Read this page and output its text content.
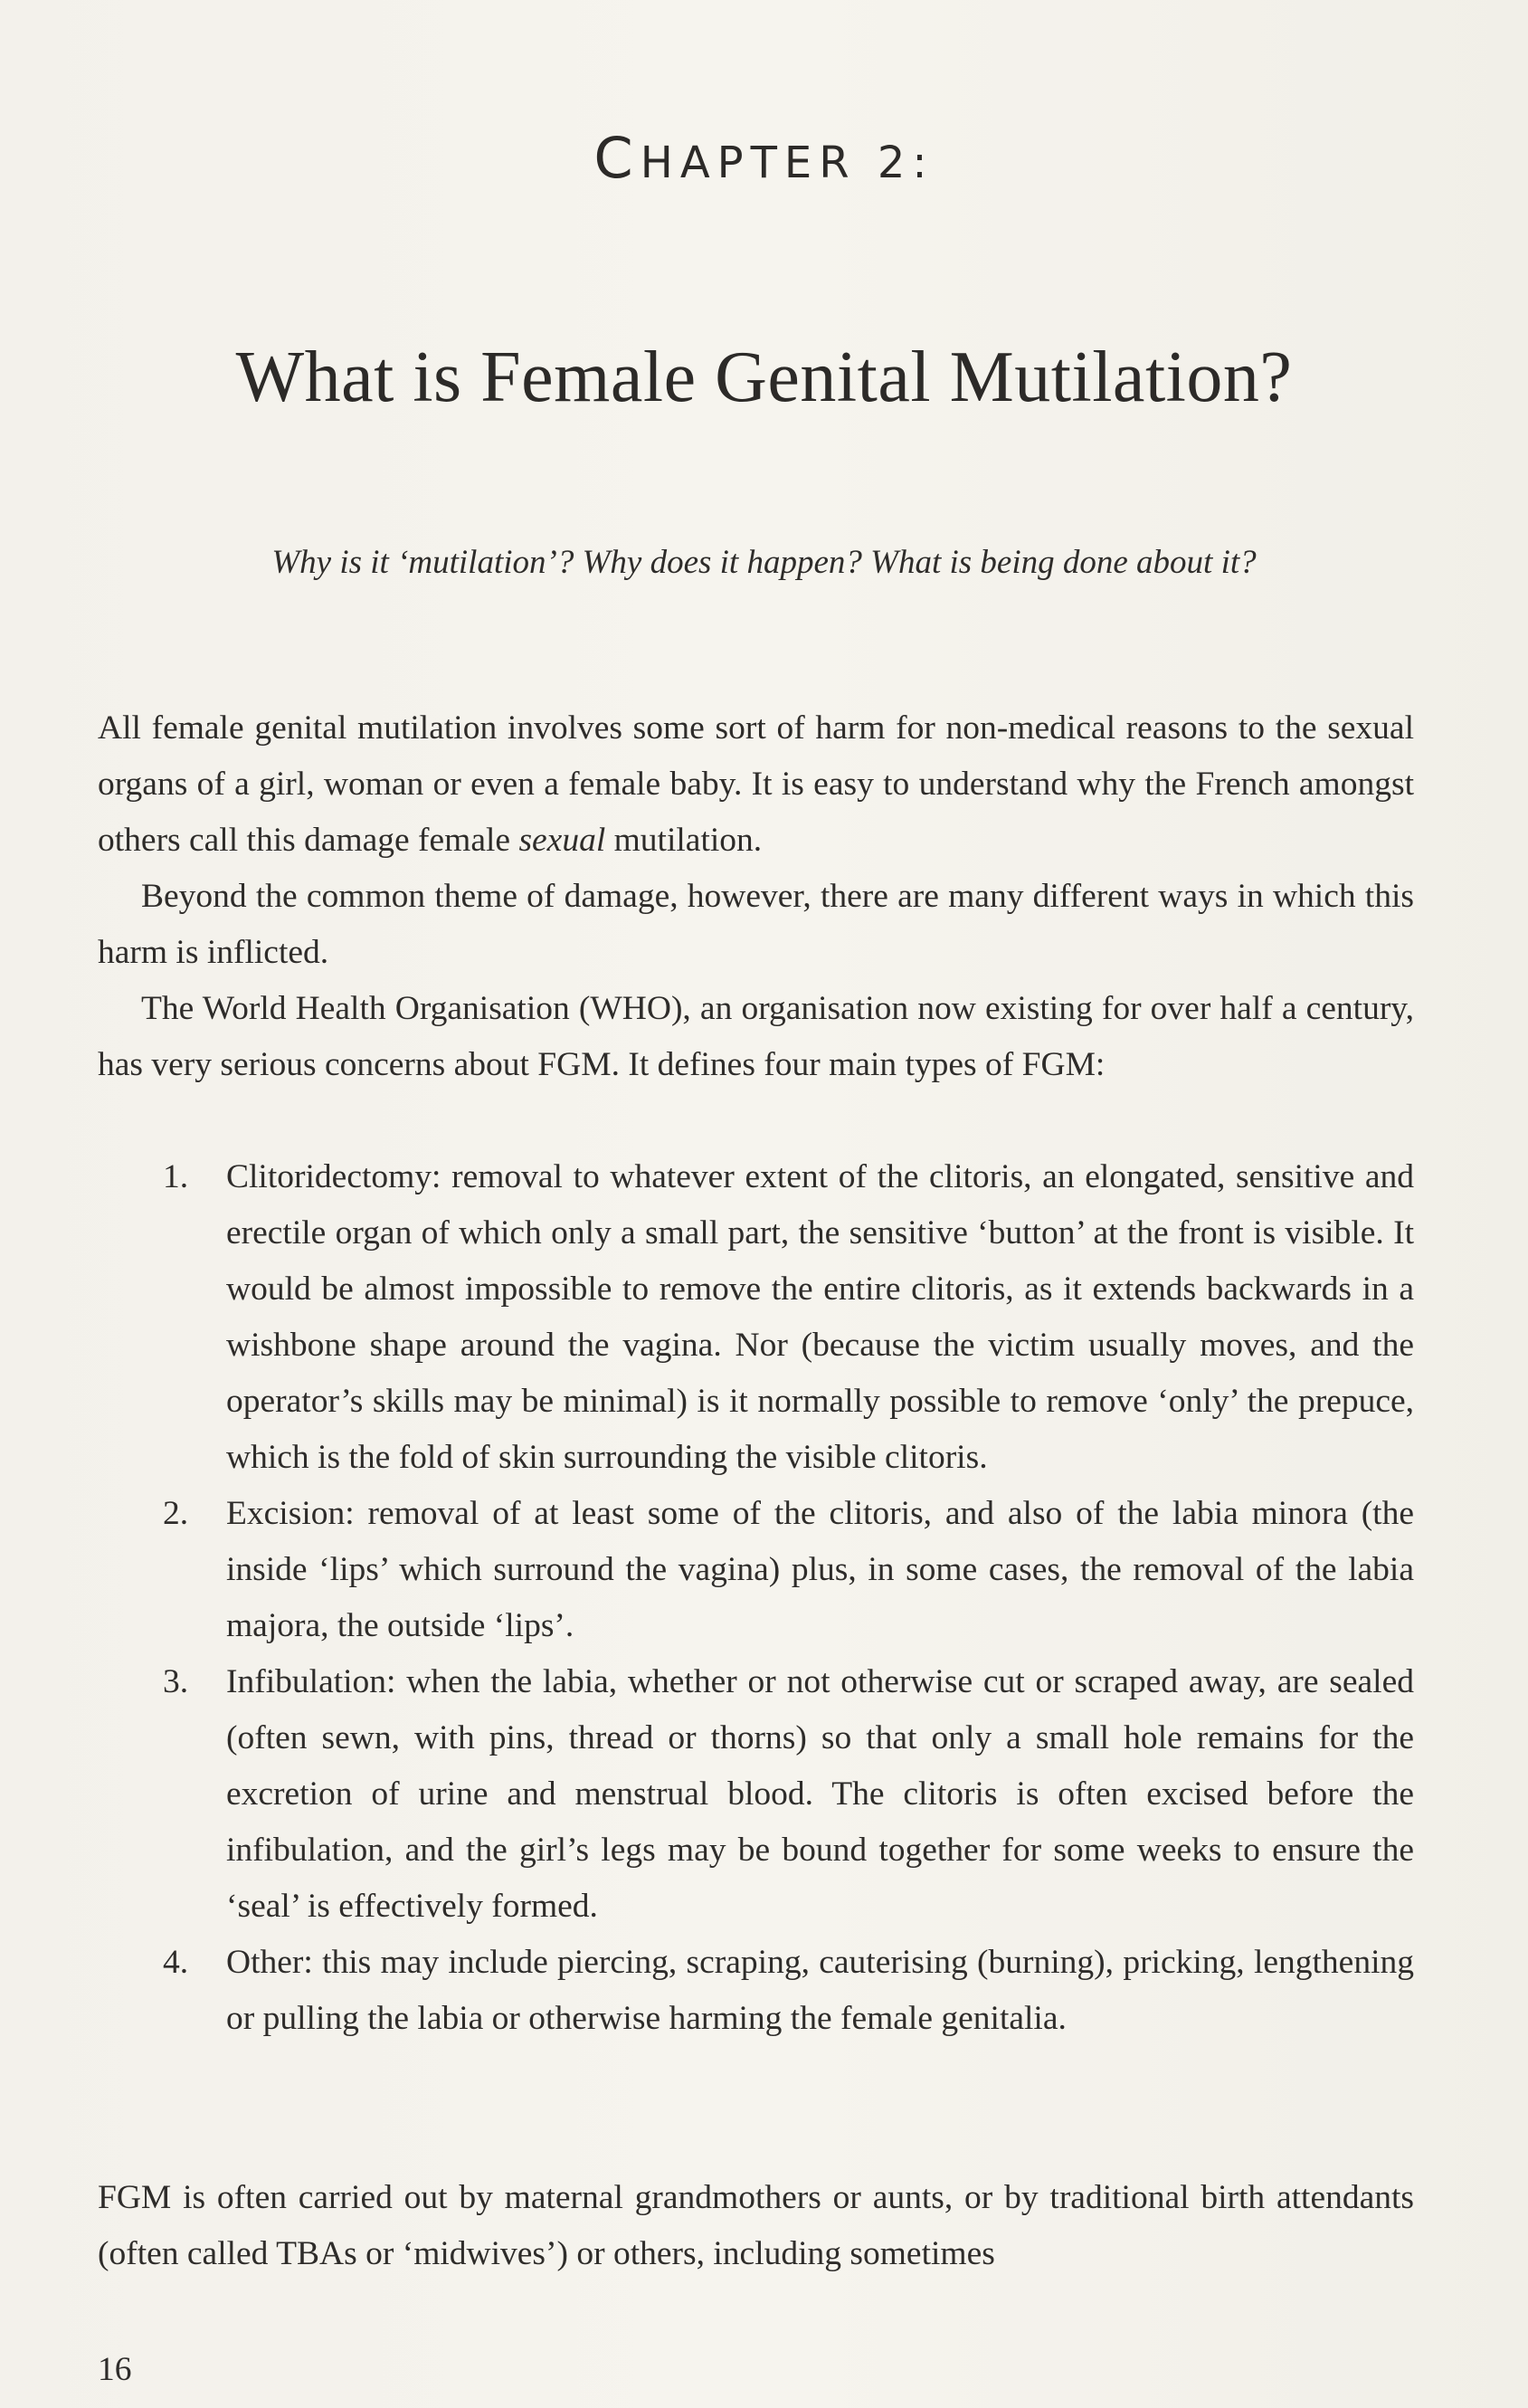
CHAPTER 2:
What is Female Genital Mutilation?
Why is it ‘mutilation’? Why does it happen? What is being done about it?

All female genital mutilation involves some sort of harm for non-medical reasons to the sexual organs of a girl, woman or even a female baby. It is easy to understand why the French amongst others call this damage female sexual mutilation.

Beyond the common theme of damage, however, there are many different ways in which this harm is inflicted.

The World Health Organisation (WHO), an organisation now existing for over half a century, has very serious concerns about FGM. It defines four main types of FGM:

1.	Clitoridectomy: removal to whatever extent of the clitoris, an elongated, sensitive and erectile organ of which only a small part, the sensitive ‘button’ at the front is visible. It would be almost impossible to remove the entire clitoris, as it extends backwards in a wishbone shape around the vagina. Nor (because the victim usually moves, and the operator’s skills may be minimal) is it normally possible to remove ‘only’ the prepuce, which is the fold of skin surrounding the visible clitoris.
2.	Excision: removal of at least some of the clitoris, and also of the labia minora (the inside ‘lips’ which surround the vagina) plus, in some cases, the removal of the labia majora, the outside ‘lips’.
3.	Infibulation: when the labia, whether or not otherwise cut or scraped away, are sealed (often sewn, with pins, thread or thorns) so that only a small hole remains for the excretion of urine and menstrual blood. The clitoris is often excised before the infibulation, and the girl’s legs may be bound together for some weeks to ensure the ‘seal’ is effectively formed.
4.	Other: this may include piercing, scraping, cauterising (burning), pricking, lengthening or pulling the labia or otherwise harming the female genitalia.

FGM is often carried out by maternal grandmothers or aunts, or by traditional birth attendants (often called TBAs or ‘midwives’) or others, including sometimes

16
